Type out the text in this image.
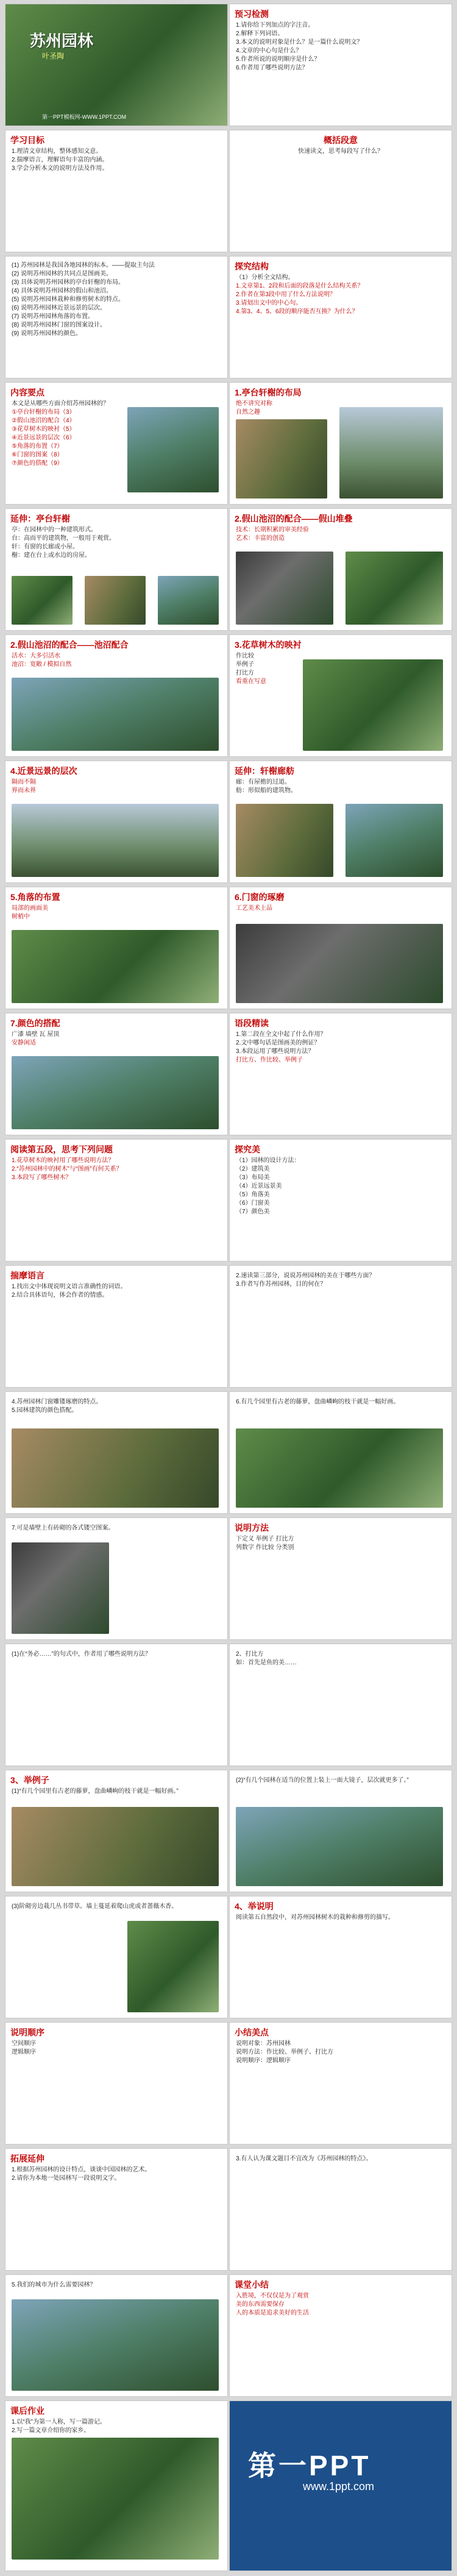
苏州园林
叶圣陶
第一PPT模板网-WWW.1PPT.COM
预习检测
1.请你给下列加点的字注音。
2.解释下列词语。
3.本文的说明对象是什么？是一篇什么说明文？
4.文章的中心句是什么？
5.作者所说的说明顺序是什么？
6.作者用了哪些说明方法？
学习目标
1.理清文章结构，整体感知文意。
2.揣摩语言，理解语句丰富的内涵。
3.学会分析本文的说明方法及作用。
概括段意
快速读文，思考每段写了什么？
(1) 苏州园林是我国各地园林的标本。——提取主句法
(2) 说明苏州园林的共同点是图画美。
(3) 具体说明苏州园林的亭台轩榭的布局。
(4) 具体说明苏州园林的假山和池沼。
(5) 说明苏州园林栽种和修剪树木的特点。
(6) 说明苏州园林近景远景的层次。
(7) 说明苏州园林角落的布置。
(8) 说明苏州园林门窗的图案设计。
(9) 说明苏州园林的颜色。
探究结构
（1）分析全文结构。
1.文章第1、2段和后面的段落是什么结构关系？
2.作者在第3段中用了什么方法说明？
3.请划出文中的中心句。
4.第3、4、5、6段的顺序能否互换？为什么？
内容要点
本文是从哪些方面介绍苏州园林的？
①亭台轩榭的布局（3）
②假山池沼的配合（4）
③花草树木的映衬（5）
④近景远景的层次（6）
⑤角落的布置（7）
⑥门窗的图案（8）
⑦颜色的搭配（9）
1.亭台轩榭的布局
绝不讲究对称
自然之趣
延伸：亭台轩榭
亭：在园林中的一种建筑形式。
台：高而平的建筑物，一般用于观赏。
轩：有窗的长廊或小屋。
榭：建在台上或水边的房屋。
2.假山池沼的配合——假山堆叠
技术：长期积累的审美经验
艺术：丰富的创造
2.假山池沼的配合——池沼配合
活水：大多引活水
池沼：宽敞 / 模拟自然
3.花草树木的映衬
作比较
举例子
打比方
看重在写意
4.近景远景的层次
隔而不隔
界而未界
延伸：轩榭廊舫
廊：有屋檐的过道。
舫：形似船的建筑物。
5.角落的布置
局部的画面美
树梢中
6.门窗的琢磨
工艺美术上品
7.颜色的搭配
广漆 墙壁 瓦 屋顶
安静闲适
语段精读
1.第二段在全文中起了什么作用？
2.文中哪句话是图画美的例证？
3.本段运用了哪些说明方法？
打比方、作比较、举例子
阅读第五段，思考下列问题
1.花草树木的映衬用了哪些说明方法？
2.“苏州园林中的树木”与“图画”有何关系？
3.本段写了哪些树木？
探究美
（1）园林的设计方法：
（2）建筑美
（3）布局美
（4）近景远景美
（5）角落美
（6）门窗美
（7）颜色美
揣摩语言
1.找出文中体现说明文语言准确性的词语。
2.结合具体语句，体会作者的情感。
2.速读第三部分，说说苏州园林的美在于哪些方面？
3.作者写作苏州园林，目的何在？
4.苏州园林门窗雕镂琢磨的特点。
5.园林建筑的颜色搭配。
6.有几个园里有古老的藤萝，盘曲嶙峋的枝干就是一幅好画。
7.可是墙壁上有砖砌的各式镂空图案。	说明方法
下定义 举例子 打比方
列数字 作比较 分类别
(1)在“务必……”的句式中，作者用了哪些说明方法？	2、打比方
如：首先是鱼的美……
3、举例子
(1)“有几个园里有古老的藤萝，盘曲嶙峋的枝干就是一幅好画。”
(2)“有几个园林在适当的位置上装上一面大镜子，层次就更多了。”
(3)阶砌旁边栽几丛书带草。墙上蔓延着爬山虎或者蔷薇木香。	4、举说明
阅读第五自然段中，对苏州园林树木的栽种和修剪的描写。
说明顺序
空间顺序
逻辑顺序
小结美点
说明对象：苏州园林
说明方法：作比较、举例子、打比方
说明顺序：逻辑顺序
拓展延伸
1.根据苏州园林的设计特点，谈谈中国园林的艺术。
2.请你为本地一处园林写一段说明文字。
3.有人认为课文题目不宜改为《苏州园林的特点》。
5.我们的城市为什么需要园林？	课堂小结
入胜境，不仅仅是为了观赏
美的东西需要保存
人的本质是追求美好的生活
课后作业
1.以“我”为第一人称，写一篇游记。
2.写一篇文章介绍你的家乡。
第一PPT
www.1ppt.com
